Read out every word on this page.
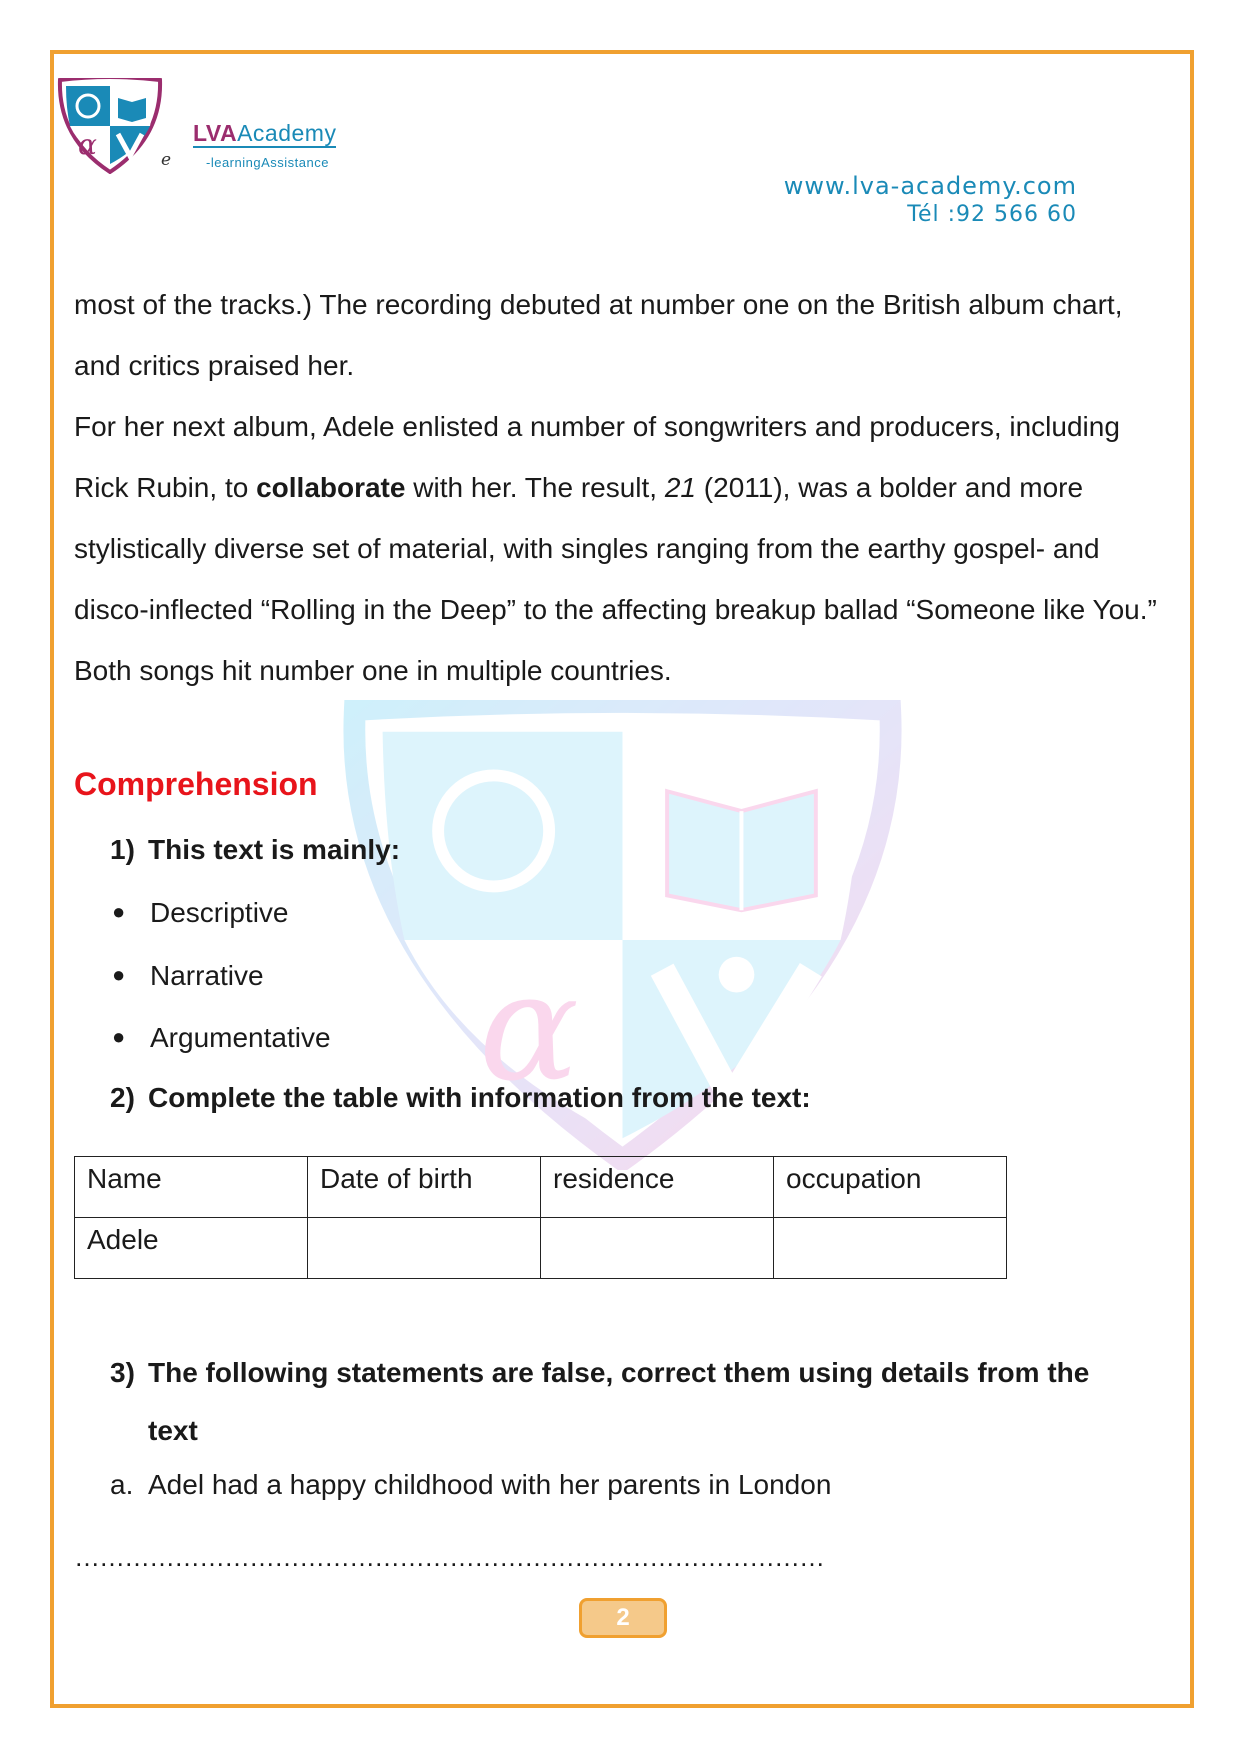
α
α	e
LVAAcademy
-learningAssistance
www.lva-academy.com
Tél :92 566 60

most of the tracks.) The recording debuted at number one on the British album chart, and critics praised her.

For her next album, Adele enlisted a number of songwriters and producers, including Rick Rubin, to collaborate with her. The result, 21 (2011), was a bolder and more stylistically diverse set of material, with singles ranging from the earthy gospel- and disco-inflected “Rolling in the Deep” to the affecting breakup ballad “Someone like You.” Both songs hit number one in multiple countries.

Comprehension
1) This text is mainly:
● Descriptive
● Narrative
● Argumentative
2) Complete the table with information from the text:
Name	Date of birth	residence	occupation
Adele			
3) The following statements are false, correct them using details from the
text
a. Adel had a happy childhood with her parents in London
………………………………………………………………………………
2
